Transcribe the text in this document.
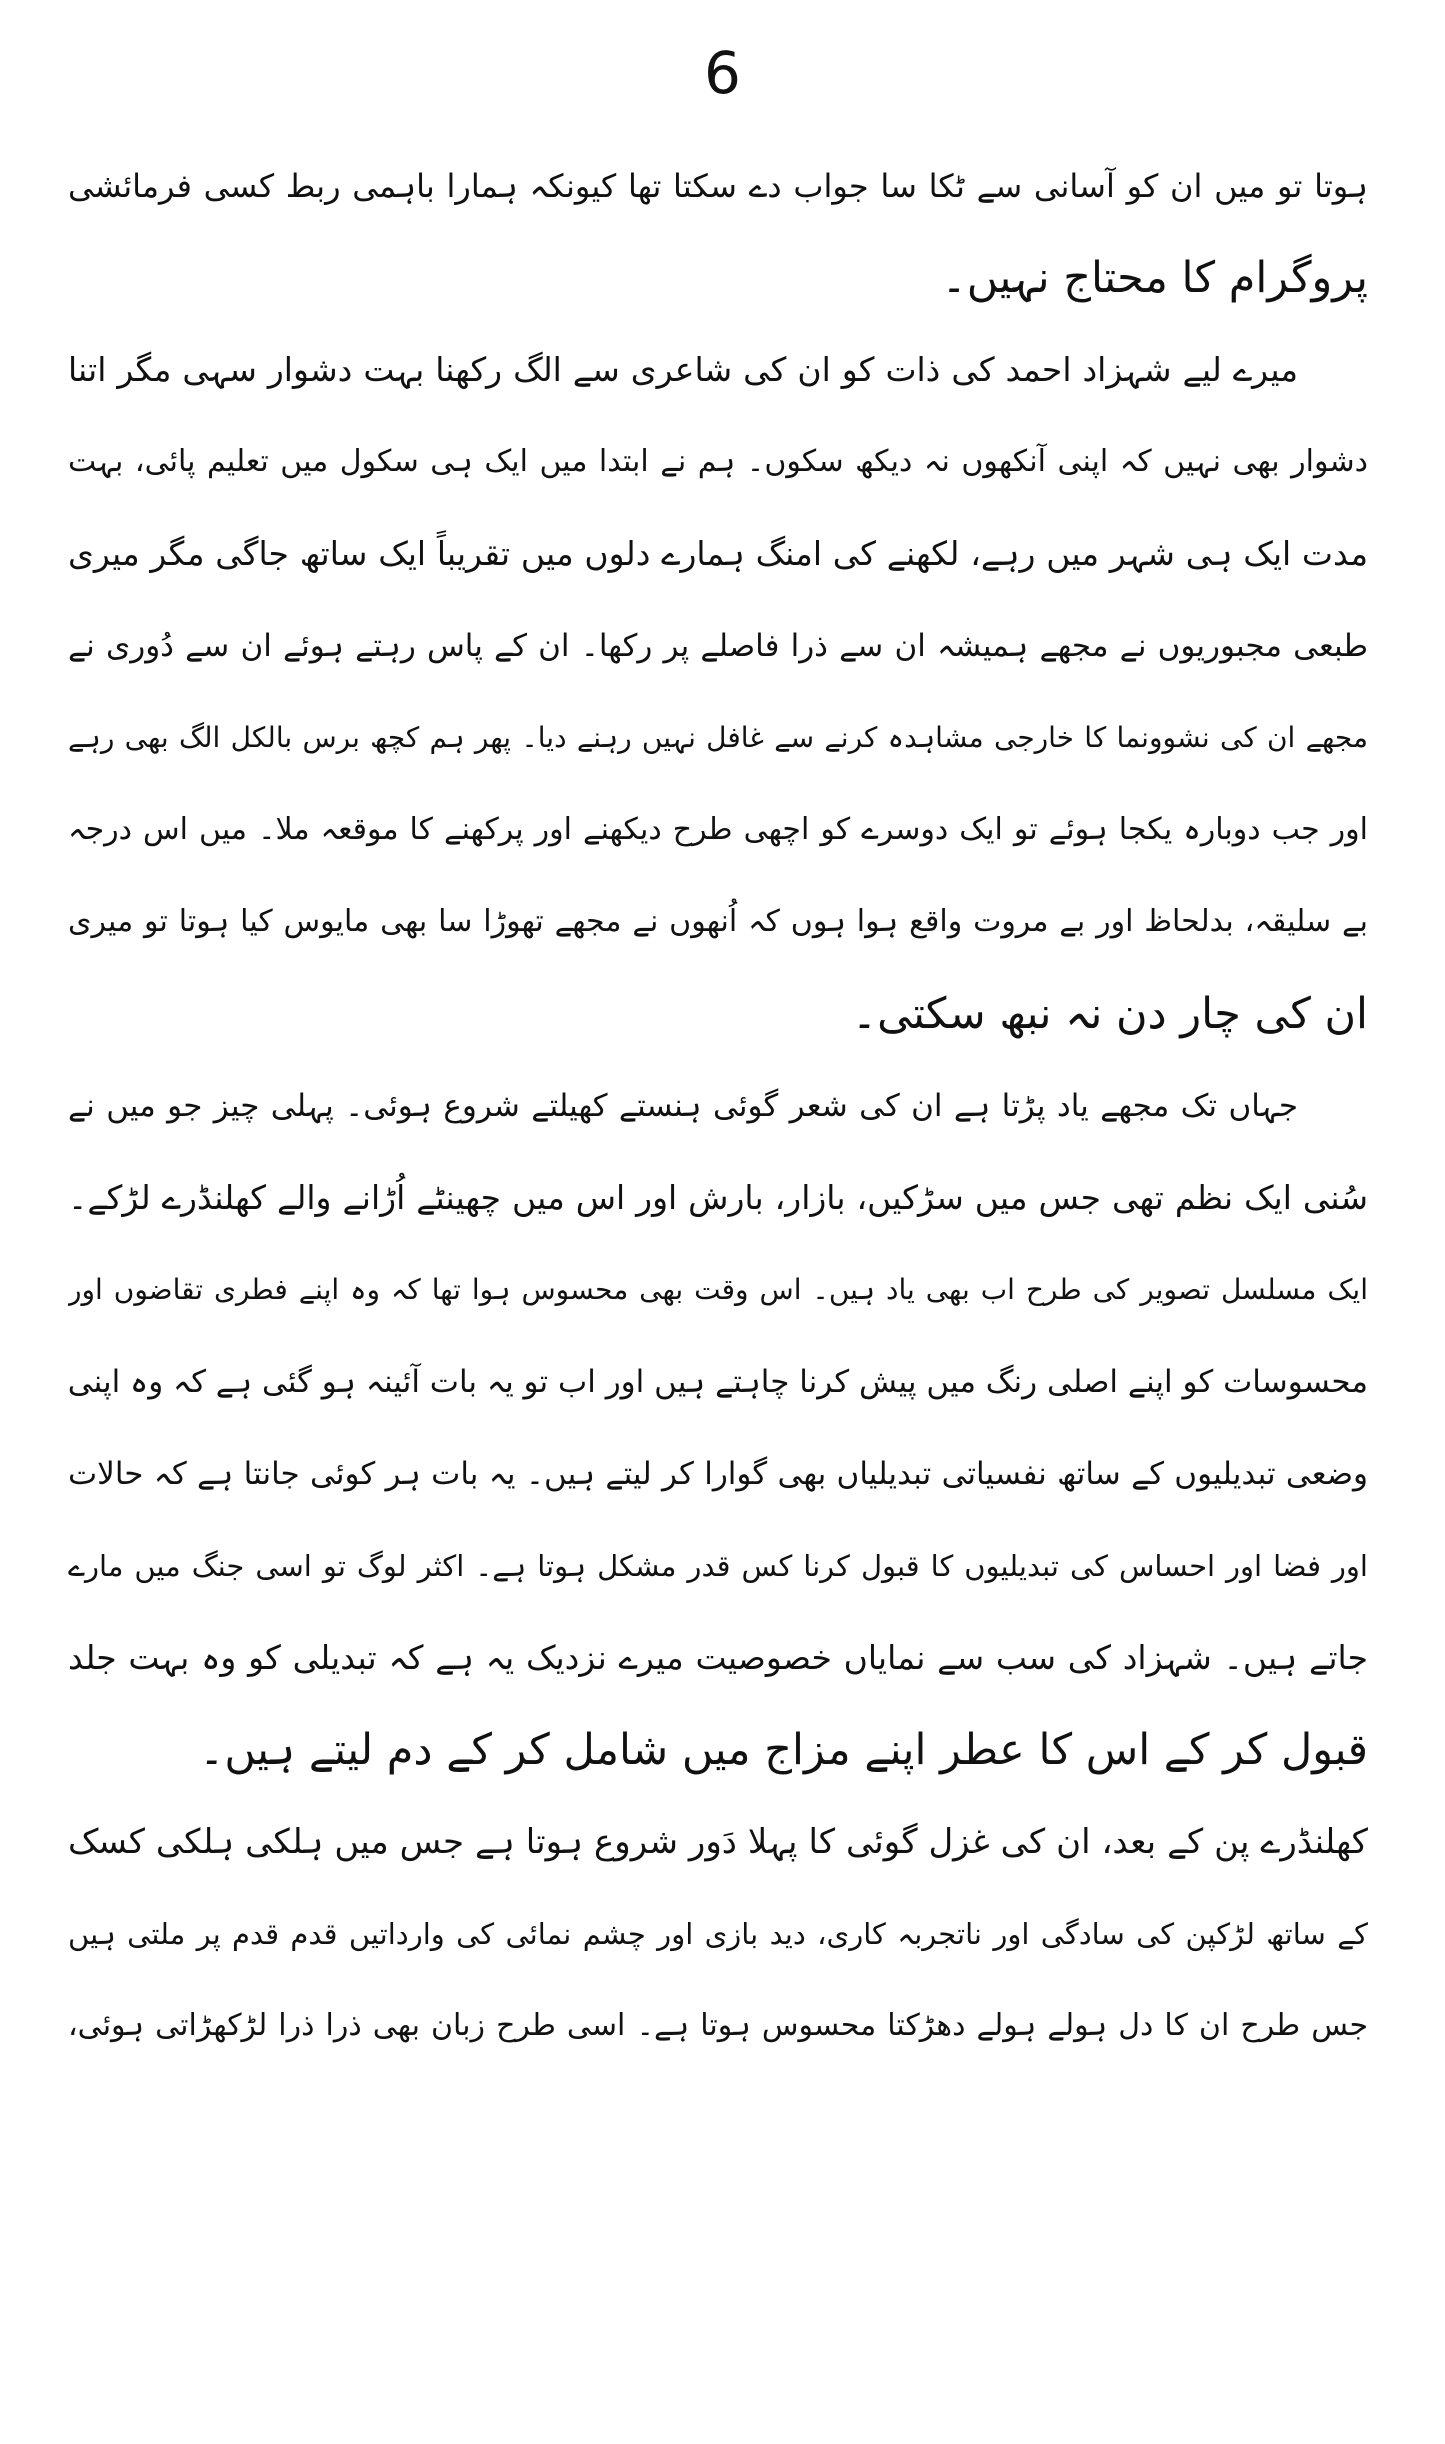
6
ہوتا تو میں ان کو آسانی سے ٹکا سا جواب دے سکتا تھا کیونکہ ہمارا باہمی ربط کسی فرمائشی
پروگرام کا محتاج نہیں۔
میرے لیے شہزاد احمد کی ذات کو ان کی شاعری سے الگ رکھنا بہت دشوار سہی مگر اتنا
دشوار بھی نہیں کہ اپنی آنکھوں نہ دیکھ سکوں۔ ہم نے ابتدا میں ایک ہی سکول میں تعلیم پائی، بہت
مدت ایک ہی شہر میں رہے، لکھنے کی امنگ ہمارے دلوں میں تقریباً ایک ساتھ جاگی مگر میری
طبعی مجبوریوں نے مجھے ہمیشہ ان سے ذرا فاصلے پر رکھا۔ ان کے پاس رہتے ہوئے ان سے دُوری نے
مجھے ان کی نشوونما کا خارجی مشاہدہ کرنے سے غافل نہیں رہنے دیا۔ پھر ہم کچھ برس بالکل الگ بھی رہے
اور جب دوبارہ یکجا ہوئے تو ایک دوسرے کو اچھی طرح دیکھنے اور پرکھنے کا موقعہ ملا۔ میں اس درجہ
بے سلیقہ، بدلحاظ اور بے مروت واقع ہوا ہوں کہ اُنھوں نے مجھے تھوڑا سا بھی مایوس کیا ہوتا تو میری
ان کی چار دن نہ نبھ سکتی۔
جہاں تک مجھے یاد پڑتا ہے ان کی شعر گوئی ہنستے کھیلتے شروع ہوئی۔ پہلی چیز جو میں نے
سُنی ایک نظم تھی جس میں سڑکیں، بازار، بارش اور اس میں چھینٹے اُڑانے والے کھلنڈرے لڑکے۔
ایک مسلسل تصویر کی طرح اب بھی یاد ہیں۔ اس وقت بھی محسوس ہوا تھا کہ وہ اپنے فطری تقاضوں اور
محسوسات کو اپنے اصلی رنگ میں پیش کرنا چاہتے ہیں اور اب تو یہ بات آئینہ ہو گئی ہے کہ وہ اپنی
وضعی تبدیلیوں کے ساتھ نفسیاتی تبدیلیاں بھی گوارا کر لیتے ہیں۔ یہ بات ہر کوئی جانتا ہے کہ حالات
اور فضا اور احساس کی تبدیلیوں کا قبول کرنا کس قدر مشکل ہوتا ہے۔ اکثر لوگ تو اسی جنگ میں مارے
جاتے ہیں۔ شہزاد کی سب سے نمایاں خصوصیت میرے نزدیک یہ ہے کہ تبدیلی کو وہ بہت جلد
قبول کر کے اس کا عطر اپنے مزاج میں شامل کر کے دم لیتے ہیں۔
کھلنڈرے پن کے بعد، ان کی غزل گوئی کا پہلا دَور شروع ہوتا ہے جس میں ہلکی ہلکی کسک
کے ساتھ لڑکپن کی سادگی اور ناتجربہ کاری، دید بازی اور چشم نمائی کی وارداتیں قدم قدم پر ملتی ہیں
جس طرح ان کا دل ہولے ہولے دھڑکتا محسوس ہوتا ہے۔ اسی طرح زبان بھی ذرا ذرا لڑکھڑاتی ہوئی،
